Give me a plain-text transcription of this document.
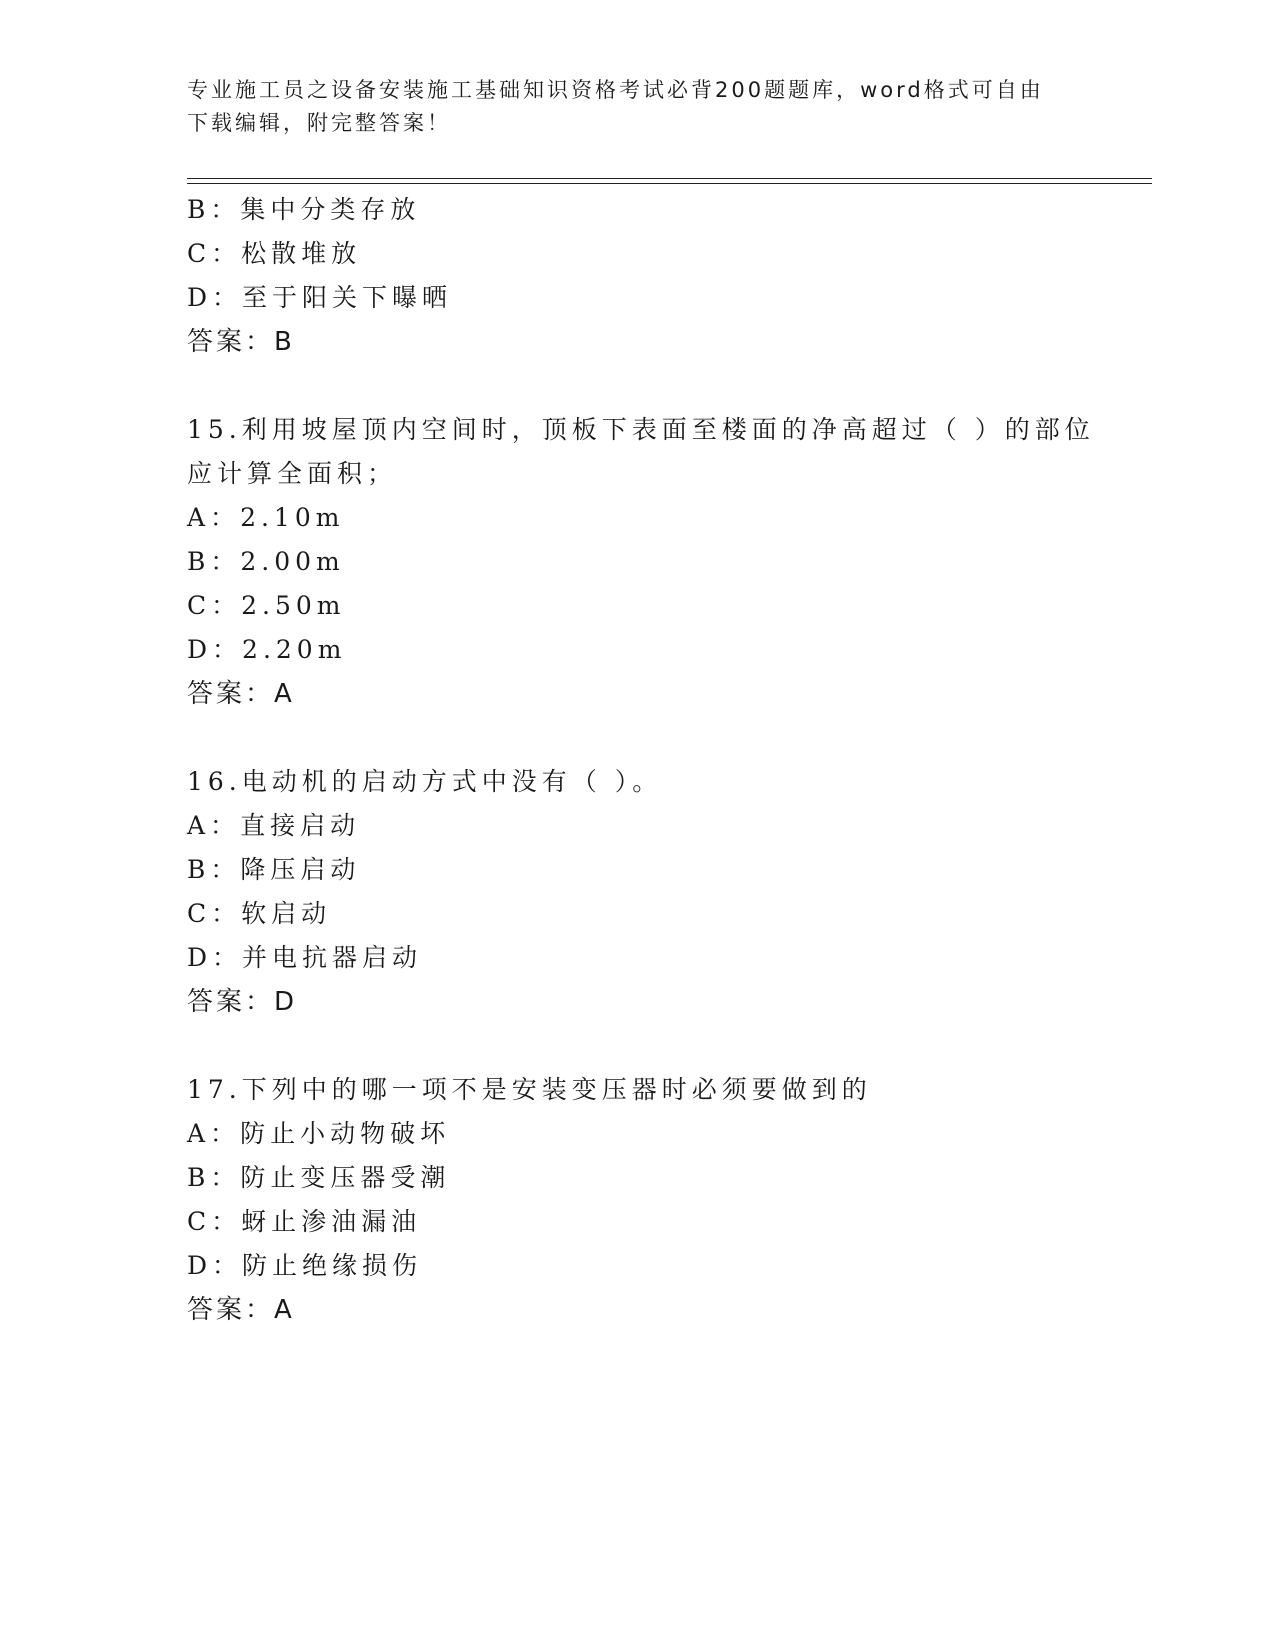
专业施工员之设备安装施工基础知识资格考试必背200题题库，word格式可自由
下载编辑，附完整答案！
B：集中分类存放
C：松散堆放
D：至于阳关下曝晒
答案：B
15.利用坡屋顶内空间时，顶板下表面至楼面的净高超过（ ）的部位
应计算全面积；
A：2.10m
B：2.00m
C：2.50m
D：2.20m
答案：A
16.电动机的启动方式中没有（ ）。
A：直接启动
B：降压启动
C：软启动
D：并电抗器启动
答案：D
17.下列中的哪一项不是安装变压器时必须要做到的
A：防止小动物破坏
B：防止变压器受潮
C：蚜止渗油漏油
D：防止绝缘损伤
答案：A
